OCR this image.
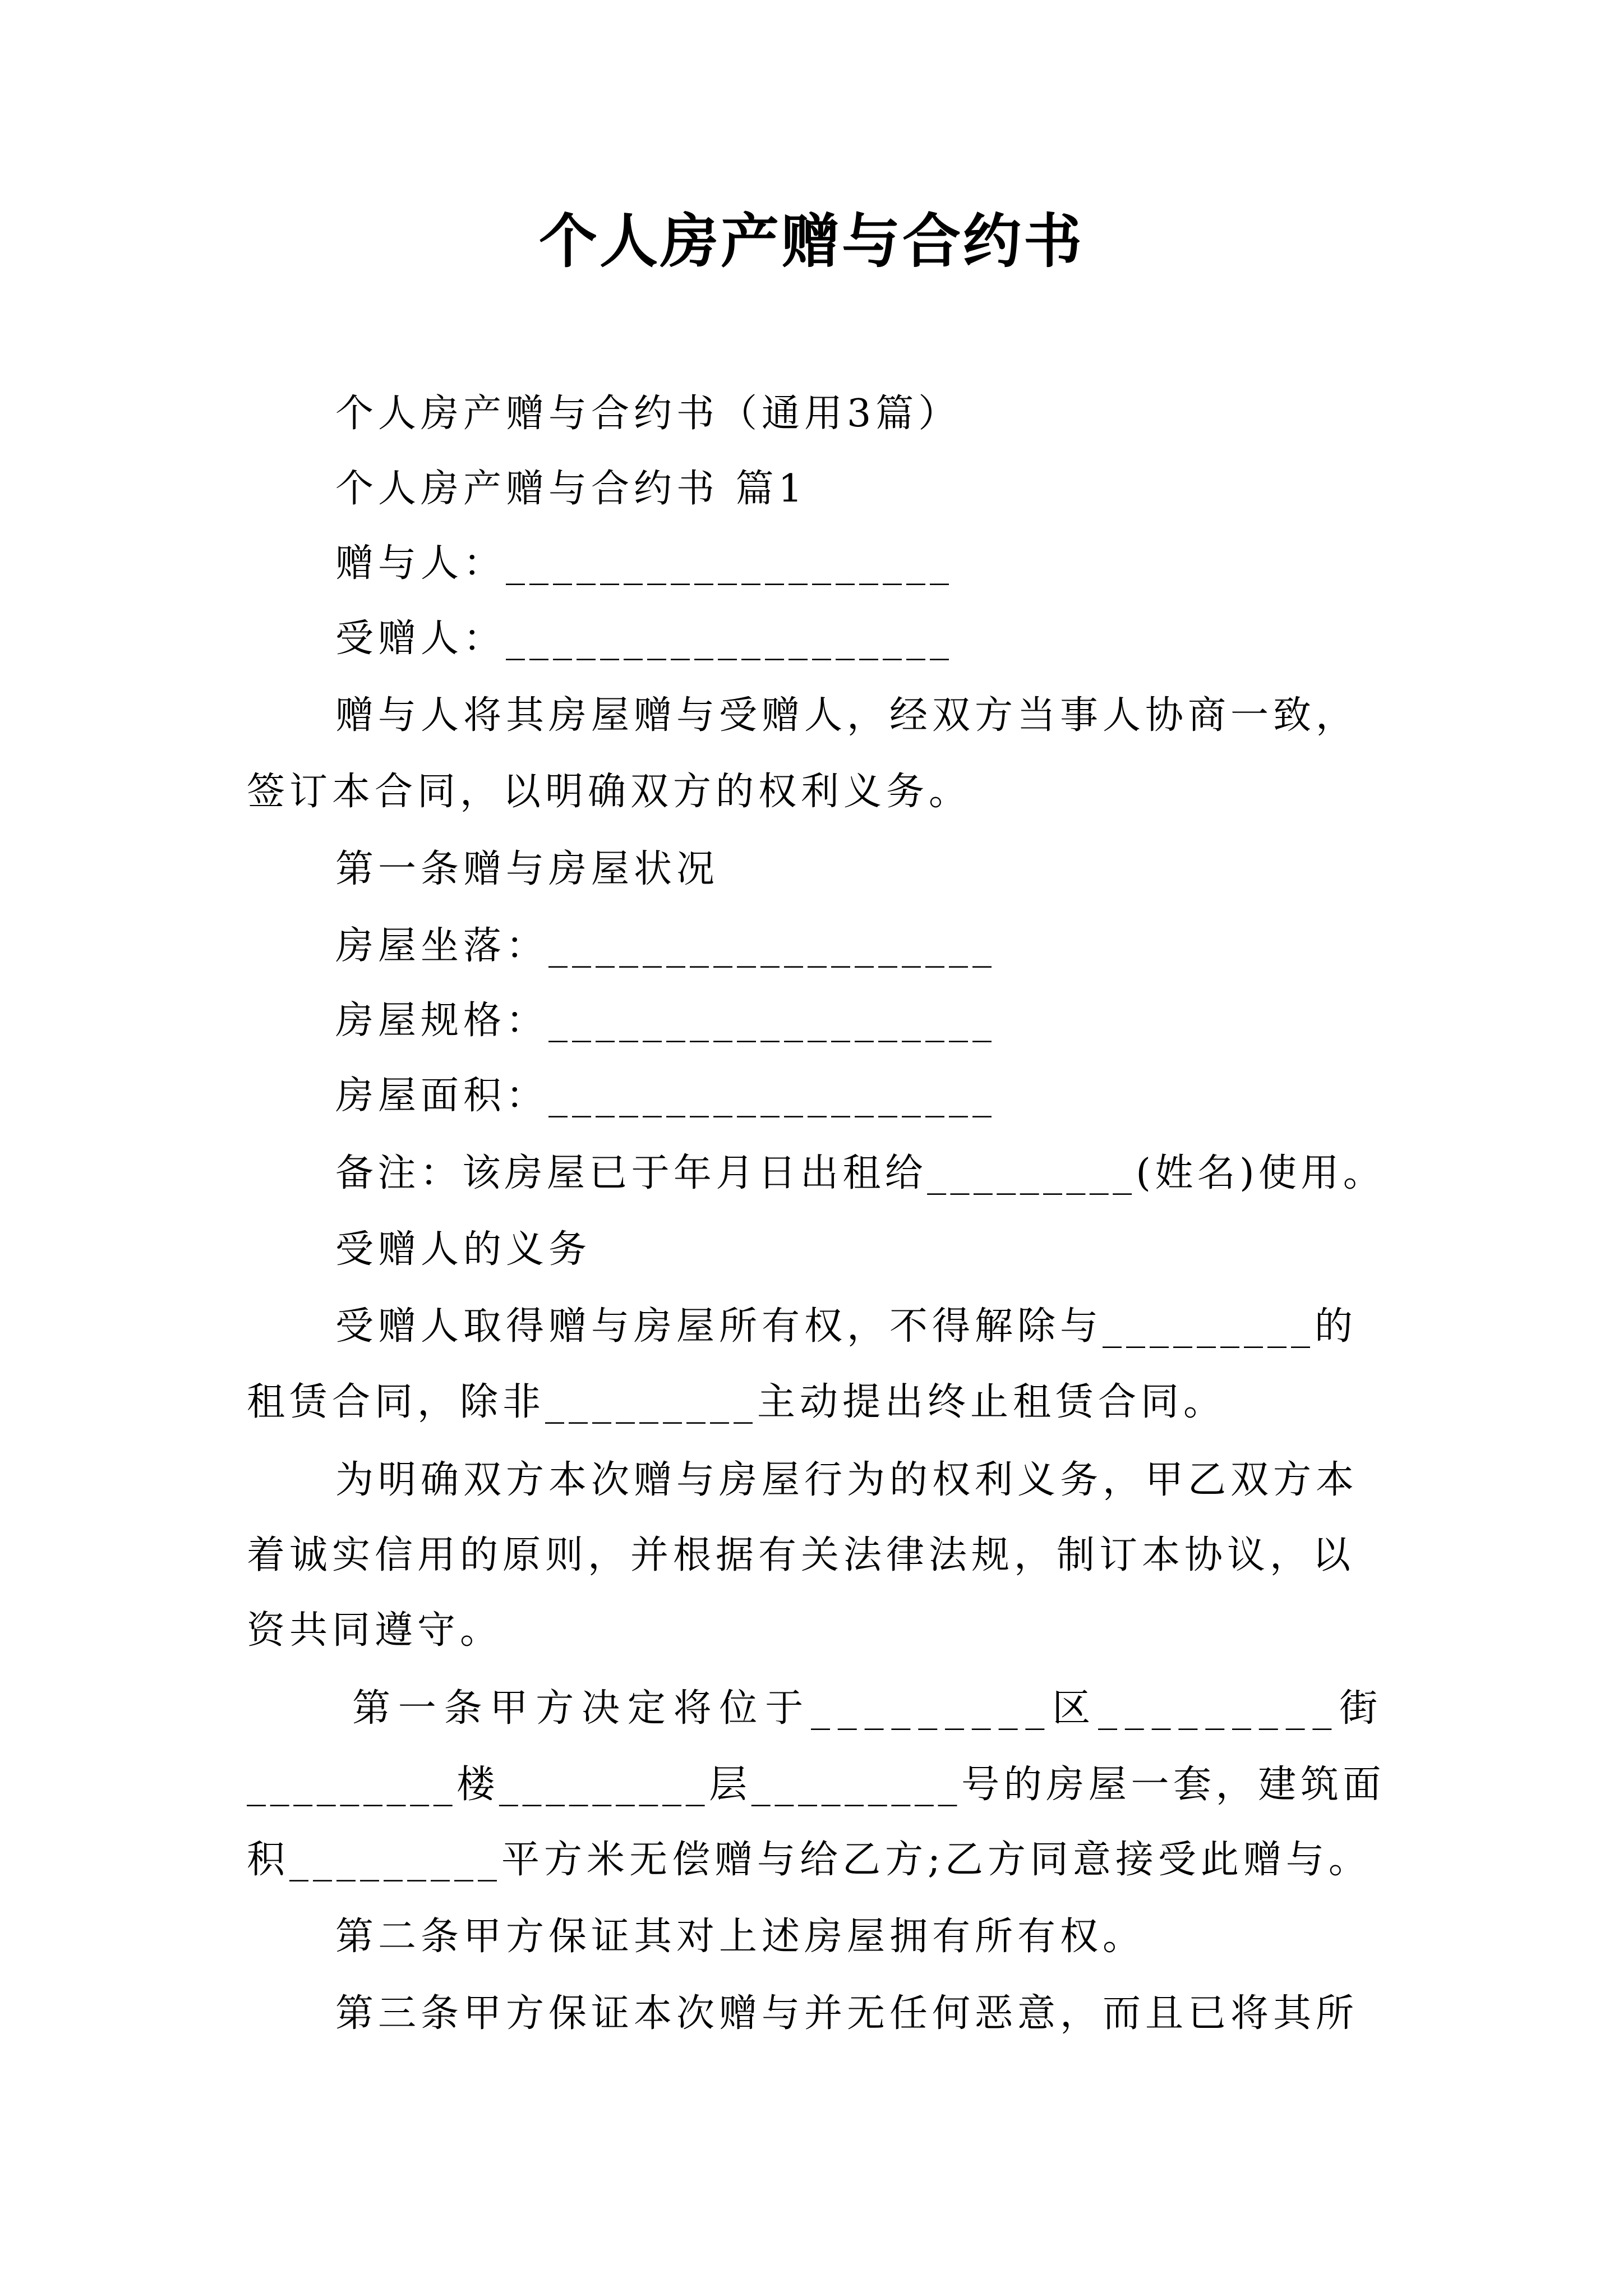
个人房产赠与合约书
个人房产赠与合约书（通用3篇）
个人房产赠与合约书 篇1
赠与人：___________________
受赠人：___________________
赠与人将其房屋赠与受赠人，经双方当事人协商一致，
签订本合同，以明确双方的权利义务。
第一条赠与房屋状况
房屋坐落：___________________
房屋规格：___________________
房屋面积：___________________
备注：该房屋已于年月日出租给_________(姓名)使用。
受赠人的义务
受赠人取得赠与房屋所有权，不得解除与_________的
租赁合同，除非_________主动提出终止租赁合同。
为明确双方本次赠与房屋行为的权利义务，甲乙双方本
着诚实信用的原则，并根据有关法律法规，制订本协议，以
资共同遵守。
第一条甲方决定将位于_________区_________街
_________楼_________层_________号的房屋一套，建筑面
积_________平方米无偿赠与给乙方;乙方同意接受此赠与。
第二条甲方保证其对上述房屋拥有所有权。
第三条甲方保证本次赠与并无任何恶意，而且已将其所
